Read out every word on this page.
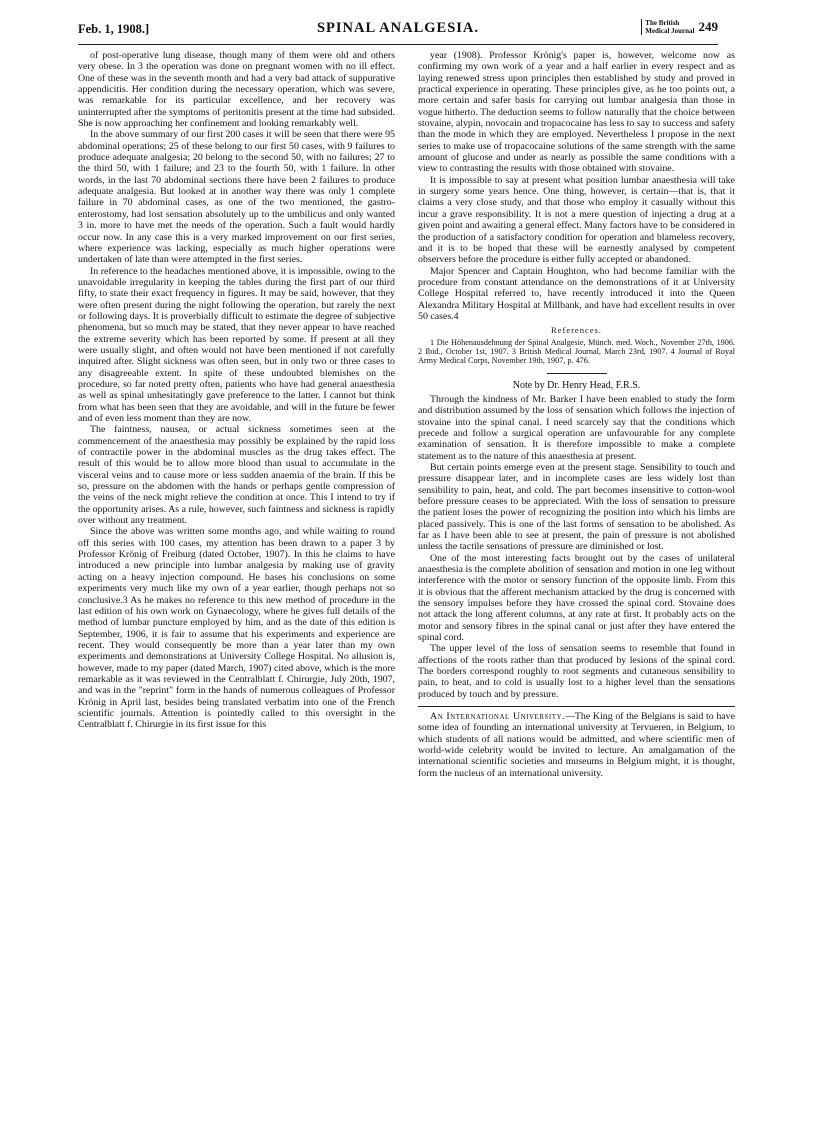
Feb. 1, 1908.]	SPINAL ANALGESIA.	The British
Medical Journal 249

of post-operative lung disease, though many of them were old and others very obese. In 3 the operation was done on pregnant women with no ill effect. One of these was in the seventh month and had a very bad attack of suppurative appendicitis. Her condition during the necessary operation, which was severe, was remarkable for its particular excellence, and her recovery was uninterrupted after the symptoms of peritonitis present at the time had subsided. She is now approaching her confinement and looking remarkably well.

In the above summary of our first 200 cases it will be seen that there were 95 abdominal operations; 25 of these belong to our first 50 cases, with 9 failures to produce adequate analgesia; 20 belong to the second 50, with no failures; 27 to the third 50, with 1 failure; and 23 to the fourth 50, with 1 failure. In other words, in the last 70 abdominal sections there have been 2 failures to produce adequate analgesia. But looked at in another way there was only 1 complete failure in 70 abdominal cases, as one of the two mentioned, the gastro-enterostomy, had lost sensation absolutely up to the umbilicus and only wanted 3 in. more to have met the needs of the operation. Such a fault would hardly occur now. In any case this is a very marked improvement on our first series, where experience was lacking, especially as much higher operations were undertaken of late than were attempted in the first series.

In reference to the headaches mentioned above, it is impossible, owing to the unavoidable irregularity in keeping the tables during the first part of our third fifty, to state their exact frequency in figures. It may be said, however, that they were often present during the night following the operation, but rarely the next or following days. It is proverbially difficult to estimate the degree of subjective phenomena, but so much may be stated, that they never appear to have reached the extreme severity which has been reported by some. If present at all they were usually slight, and often would not have been mentioned if not carefully inquired after. Slight sickness was often seen, but in only two or three cases to any disagreeable extent. In spite of these undoubted blemishes on the procedure, so far noted pretty often, patients who have had general anaesthesia as well as spinal unhesitatingly gave preference to the latter. I cannot but think from what has been seen that they are avoidable, and will in the future be fewer and of even less moment than they are now.

The faintness, nausea, or actual sickness sometimes seen at the commencement of the anaesthesia may possibly be explained by the rapid loss of contractile power in the abdominal muscles as the drug takes effect. The result of this would be to allow more blood than usual to accumulate in the visceral veins and to cause more or less sudden anaemia of the brain. If this be so, pressure on the abdomen with the hands or perhaps gentle compression of the veins of the neck might relieve the condition at once. This I intend to try if the opportunity arises. As a rule, however, such faintness and sickness is rapidly over without any treatment.

Since the above was written some months ago, and while waiting to round off this series with 100 cases, my attention has been drawn to a paper 3 by Professor Krönig of Freiburg (dated October, 1907). In this he claims to have introduced a new principle into lumbar analgesia by making use of gravity acting on a heavy injection compound. He bases his conclusions on some experiments very much like my own of a year earlier, though perhaps not so conclusive.3 As he makes no reference to this new method of procedure in the last edition of his own work on Gynaecology, where he gives full details of the method of lumbar puncture employed by him, and as the date of this edition is September, 1906, it is fair to assume that his experiments and experience are recent. They would consequently be more than a year later than my own experiments and demonstrations at University College Hospital. No allusion is, however, made to my paper (dated March, 1907) cited above, which is the more remarkable as it was reviewed in the Centralblatt f. Chirurgie, July 20th, 1907, and was in the "reprint" form in the hands of numerous colleagues of Professor Krönig in April last, besides being translated verbatim into one of the French scientific journals. Attention is pointedly called to this oversight in the Centralblatt f. Chirurgie in its first issue for this

year (1908). Professor Krönig's paper is, however, welcome now as confirming my own work of a year and a half earlier in every respect and as laying renewed stress upon principles then established by study and proved in practical experience in operating. These principles give, as he too points out, a more certain and safer basis for carrying out lumbar analgesia than those in vogue hitherto. The deduction seems to follow naturally that the choice between stovaine, alypin, novocain and tropacocaine has less to say to success and safety than the mode in which they are employed. Nevertheless I propose in the next series to make use of tropacocaine solutions of the same strength with the same amount of glucose and under as nearly as possible the same conditions with a view to contrasting the results with those obtained with stovaine.

It is impossible to say at present what position lumbar anaesthesia will take in surgery some years hence. One thing, however, is certain—that is, that it claims a very close study, and that those who employ it casually without this incur a grave responsibility. It is not a mere question of injecting a drug at a given point and awaiting a general effect. Many factors have to be considered in the production of a satisfactory condition for operation and blameless recovery, and it is to be hoped that these will be earnestly analysed by competent observers before the procedure is either fully accepted or abandoned.

Major Spencer and Captain Houghton, who had become familiar with the procedure from constant attendance on the demonstrations of it at University College Hospital referred to, have recently introduced it into the Queen Alexandra Military Hospital at Millbank, and have had excellent results in over 50 cases.4

References.

1 Die Höhenausdehnung der Spinal Analgesie, Münch. med. Woch., November 27th, 1906. 2 Ibid., October 1st, 1907. 3 British Medical Journal, March 23rd, 1907. 4 Journal of Royal Army Medical Corps, November 19th, 1907, p. 476.

Note by Dr. Henry Head, F.R.S.

Through the kindness of Mr. Barker I have been enabled to study the form and distribution assumed by the loss of sensation which follows the injection of stovaine into the spinal canal. I need scarcely say that the conditions which precede and follow a surgical operation are unfavourable for any complete examination of sensation. It is therefore impossible to make a complete statement as to the nature of this anaesthesia at present.

But certain points emerge even at the present stage. Sensibility to touch and pressure disappear later, and in incomplete cases are less widely lost than sensibility to pain, heat, and cold. The part becomes insensitive to cotton-wool before pressure ceases to be appreciated. With the loss of sensation to pressure the patient loses the power of recognizing the position into which his limbs are placed passively. This is one of the last forms of sensation to be abolished. As far as I have been able to see at present, the pain of pressure is not abolished unless the tactile sensations of pressure are diminished or lost.

One of the most interesting facts brought out by the cases of unilateral anaesthesia is the complete abolition of sensation and motion in one leg without interference with the motor or sensory function of the opposite limb. From this it is obvious that the afferent mechanism attacked by the drug is concerned with the sensory impulses before they have crossed the spinal cord. Stovaine does not attack the long afferent columns, at any rate at first. It probably acts on the motor and sensory fibres in the spinal canal or just after they have entered the spinal cord.

The upper level of the loss of sensation seems to resemble that found in affections of the roots rather than that produced by lesions of the spinal cord. The borders correspond roughly to root segments and cutaneous sensibility to pain, to heat, and to cold is usually lost to a higher level than the sensations produced by touch and by pressure.

An International University.—The King of the Belgians is said to have some idea of founding an international university at Tervueren, in Belgium, to which students of all nations would be admitted, and where scientific men of world-wide celebrity would be invited to lecture. An amalgamation of the international scientific societies and museums in Belgium might, it is thought, form the nucleus of an international university.
